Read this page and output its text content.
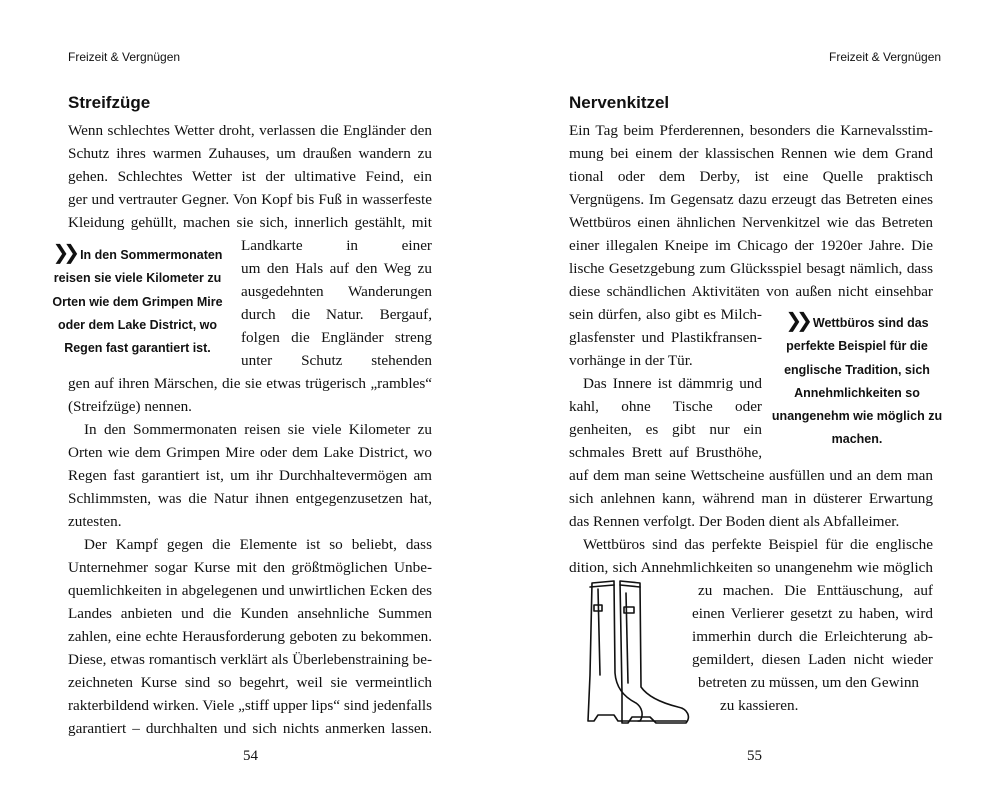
Freizeit & Vergnügen	Freizeit & Vergnügen
Streifzüge	Nervenkitzel
Wenn schlechtes Wetter droht, verlassen die Engländer den
Schutz ihres warmen Zuhauses, um draußen wandern zu
gehen. Schlechtes Wetter ist der ultimative Feind, ein
ger und vertrauter Gegner. Von Kopf bis Fuß in wasserfeste
Kleidung gehüllt, machen sie sich, innerlich gestählt, mit
Landkarte in einer
um den Hals auf den Weg zu
ausgedehnten Wanderungen
durch die Natur. Bergauf,
folgen die Engländer streng
unter Schutz stehenden
gen auf ihren Märschen, die sie etwas trügerisch „rambles“
(Streifzüge) nennen.
In den Sommermonaten reisen sie viele Kilometer zu
Orten wie dem Grimpen Mire oder dem Lake District, wo
Regen fast garantiert ist, um ihr Durchhaltevermögen am
Schlimmsten, was die Natur ihnen entgegenzusetzen hat,
zutesten.
Der Kampf gegen die Elemente ist so beliebt, dass
Unternehmer sogar Kurse mit den größtmöglichen Unbe-
quemlichkeiten in abgelegenen und unwirtlichen Ecken des
Landes anbieten und die Kunden ansehnliche Summen
zahlen, eine echte Herausforderung geboten zu bekommen.
Diese, etwas romantisch verklärt als Überlebenstraining be-
zeichneten Kurse sind so begehrt, weil sie vermeintlich
rakterbildend wirken. Viele „stiff upper lips“ sind jedenfalls
garantiert – durchhalten und sich nichts anmerken lassen.
Ein Tag beim Pferderennen, besonders die Karnevalsstim-
mung bei einem der klassischen Rennen wie dem Grand
tional oder dem Derby, ist eine Quelle praktisch
Vergnügens. Im Gegensatz dazu erzeugt das Betreten eines
Wettbüros einen ähnlichen Nervenkitzel wie das Betreten
einer illegalen Kneipe im Chicago der 1920er Jahre. Die
lische Gesetzgebung zum Glücksspiel besagt nämlich, dass
diese schändlichen Aktivitäten von außen nicht einsehbar
sein dürfen, also gibt es Milch-
glasfenster und Plastikfransen-
vorhänge in der Tür.
Das Innere ist dämmrig und
kahl, ohne Tische oder
genheiten, es gibt nur ein
schmales Brett auf Brusthöhe,
auf dem man seine Wettscheine ausfüllen und an dem man
sich anlehnen kann, während man in düsterer Erwartung
das Rennen verfolgt. Der Boden dient als Abfalleimer.
Wettbüros sind das perfekte Beispiel für die englische
dition, sich Annehmlichkeiten so unangenehm wie möglich
zu machen. Die Enttäuschung, auf
einen Verlierer gesetzt zu haben, wird
immerhin durch die Erleichterung ab-
gemildert, diesen Laden nicht wieder
betreten zu müssen, um den Gewinn
zu kassieren.
❯❯ In den Sommermonaten reisen sie viele Kilometer zu Orten wie dem Grimpen Mire oder dem Lake District, wo Regen fast garantiert ist.
❯❯ Wettbüros sind das perfekte Beispiel für die englische Tradition, sich Annehmlichkeiten so unangenehm wie möglich zu machen.
54	55
